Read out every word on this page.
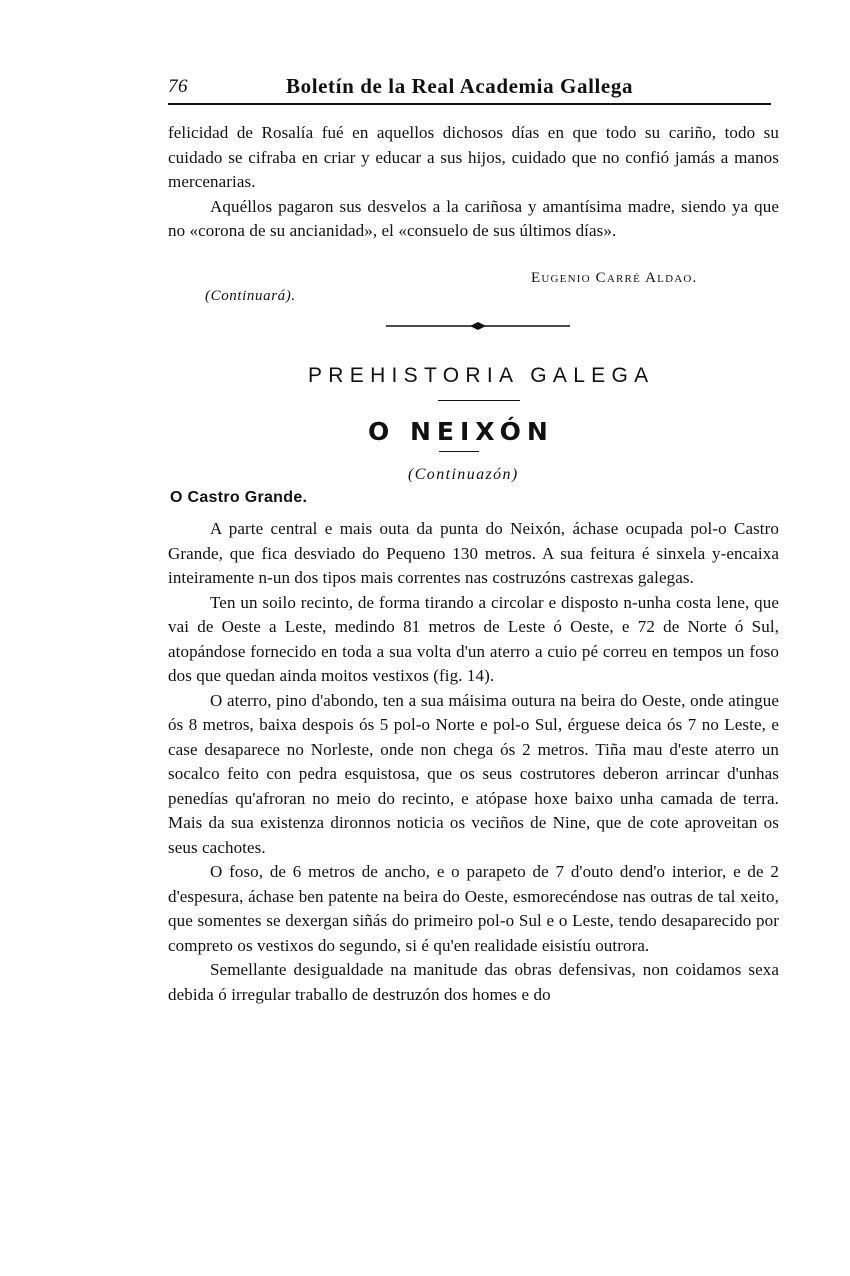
76	Boletín de la Real Academia Gallega

felicidad de Rosalía fué en aquellos dichosos días en que todo su cariño, todo su cuidado se cifraba en criar y educar a sus hijos, cuidado que no confió jamás a manos mercenarias.

Aquéllos pagaron sus desvelos a la cariñosa y amantísima madre, siendo ya que no «corona de su ancianidad», el «consuelo de sus últimos días».

Eugenio Carré Aldao.
(Continuará).
PREHISTORIA GALEGA
O NEIXÓN
(Continuazón)
O Castro Grande.

A parte central e mais outa da punta do Neixón, áchase ocupada pol-o Castro Grande, que fica desviado do Pequeno 130 metros. A sua feitura é sinxela y-encaixa inteiramente n-un dos tipos mais correntes nas costruzóns castrexas galegas.

Ten un soilo recinto, de forma tirando a circolar e disposto n-unha costa lene, que vai de Oeste a Leste, medindo 81 metros de Leste ó Oeste, e 72 de Norte ó Sul, atopándose fornecido en toda a sua volta d'un aterro a cuio pé correu en tempos un foso dos que quedan ainda moitos vestixos (fig. 14).

O aterro, pino d'abondo, ten a sua máisima outura na beira do Oeste, onde atingue ós 8 metros, baixa despois ós 5 pol-o Norte e pol-o Sul, érguese deica ós 7 no Leste, e case desaparece no Norleste, onde non chega ós 2 metros. Tiña mau d'este aterro un socalco feito con pedra esquistosa, que os seus costrutores deberon arrincar d'unhas penedías qu'afroran no meio do recinto, e atópase hoxe baixo unha camada de terra. Mais da sua existenza dironnos noticia os veciños de Nine, que de cote aproveitan os seus cachotes.

O foso, de 6 metros de ancho, e o parapeto de 7 d'outo dend'o interior, e de 2 d'espesura, áchase ben patente na beira do Oeste, esmorecéndose nas outras de tal xeito, que somentes se dexergan siñás do primeiro pol-o Sul e o Leste, tendo desaparecido por compreto os vestixos do segundo, si é qu'en realidade eisistíu outrora.

Semellante desigualdade na manitude das obras defensivas, non coidamos sexa debida ó irregular traballo de destruzón dos homes e do
